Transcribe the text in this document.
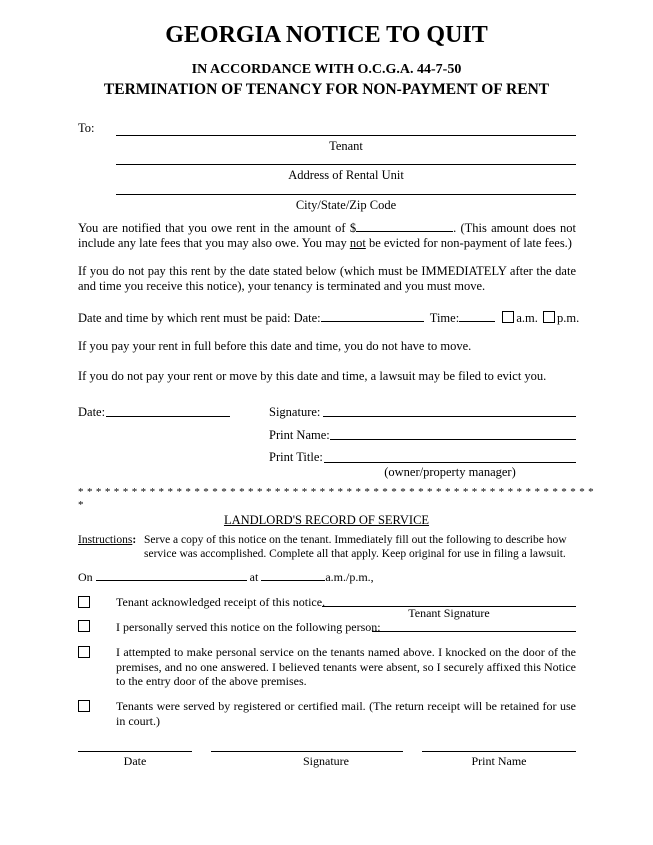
GEORGIA NOTICE TO QUIT
IN ACCORDANCE WITH O.C.G.A. 44-7-50
TERMINATION OF TENANCY FOR NON-PAYMENT OF RENT
To:
Tenant
Address of Rental Unit
City/State/Zip Code
You are notified that you owe rent in the amount of $	. (This amount does not include any late fees that you may also owe. You may not be evicted for non-payment of late fees.)
If you do not pay this rent by the date stated below (which must be IMMEDIATELY after the date and time you receive this notice), your tenancy is terminated and you must move.
Date and time by which rent must be paid: Date:	Time:	a.m. p.m.
If you pay your rent in full before this date and time, you do not have to move.
If you do not pay your rent or move by this date and time, a lawsuit may be filed to evict you.
Date:	Signature:
Print Name:
Print Title:
(owner/property manager)
* * * * * * * * * * * * * * * * * * * * * * * * * * * * * * * * * * * * * * * * * * * * * * * * * * * * * * * * * *
*
LANDLORD'S RECORD OF SERVICE
Instructions: Serve a copy of this notice on the tenant. Immediately fill out the following to describe how
service was accomplished. Complete all that apply. Keep original for use in filing a lawsuit.
On	at	a.m./p.m.,
Tenant acknowledged receipt of this notice.
Tenant Signature
I personally served this notice on the following person:
I attempted to make personal service on the tenants named above. I knocked on the door of the premises, and no one answered. I believed tenants were absent, so I securely affixed this Notice to the entry door of the above premises.
Tenants were served by registered or certified mail. (The return receipt will be retained for use in court.)
Date	Signature	Print Name
